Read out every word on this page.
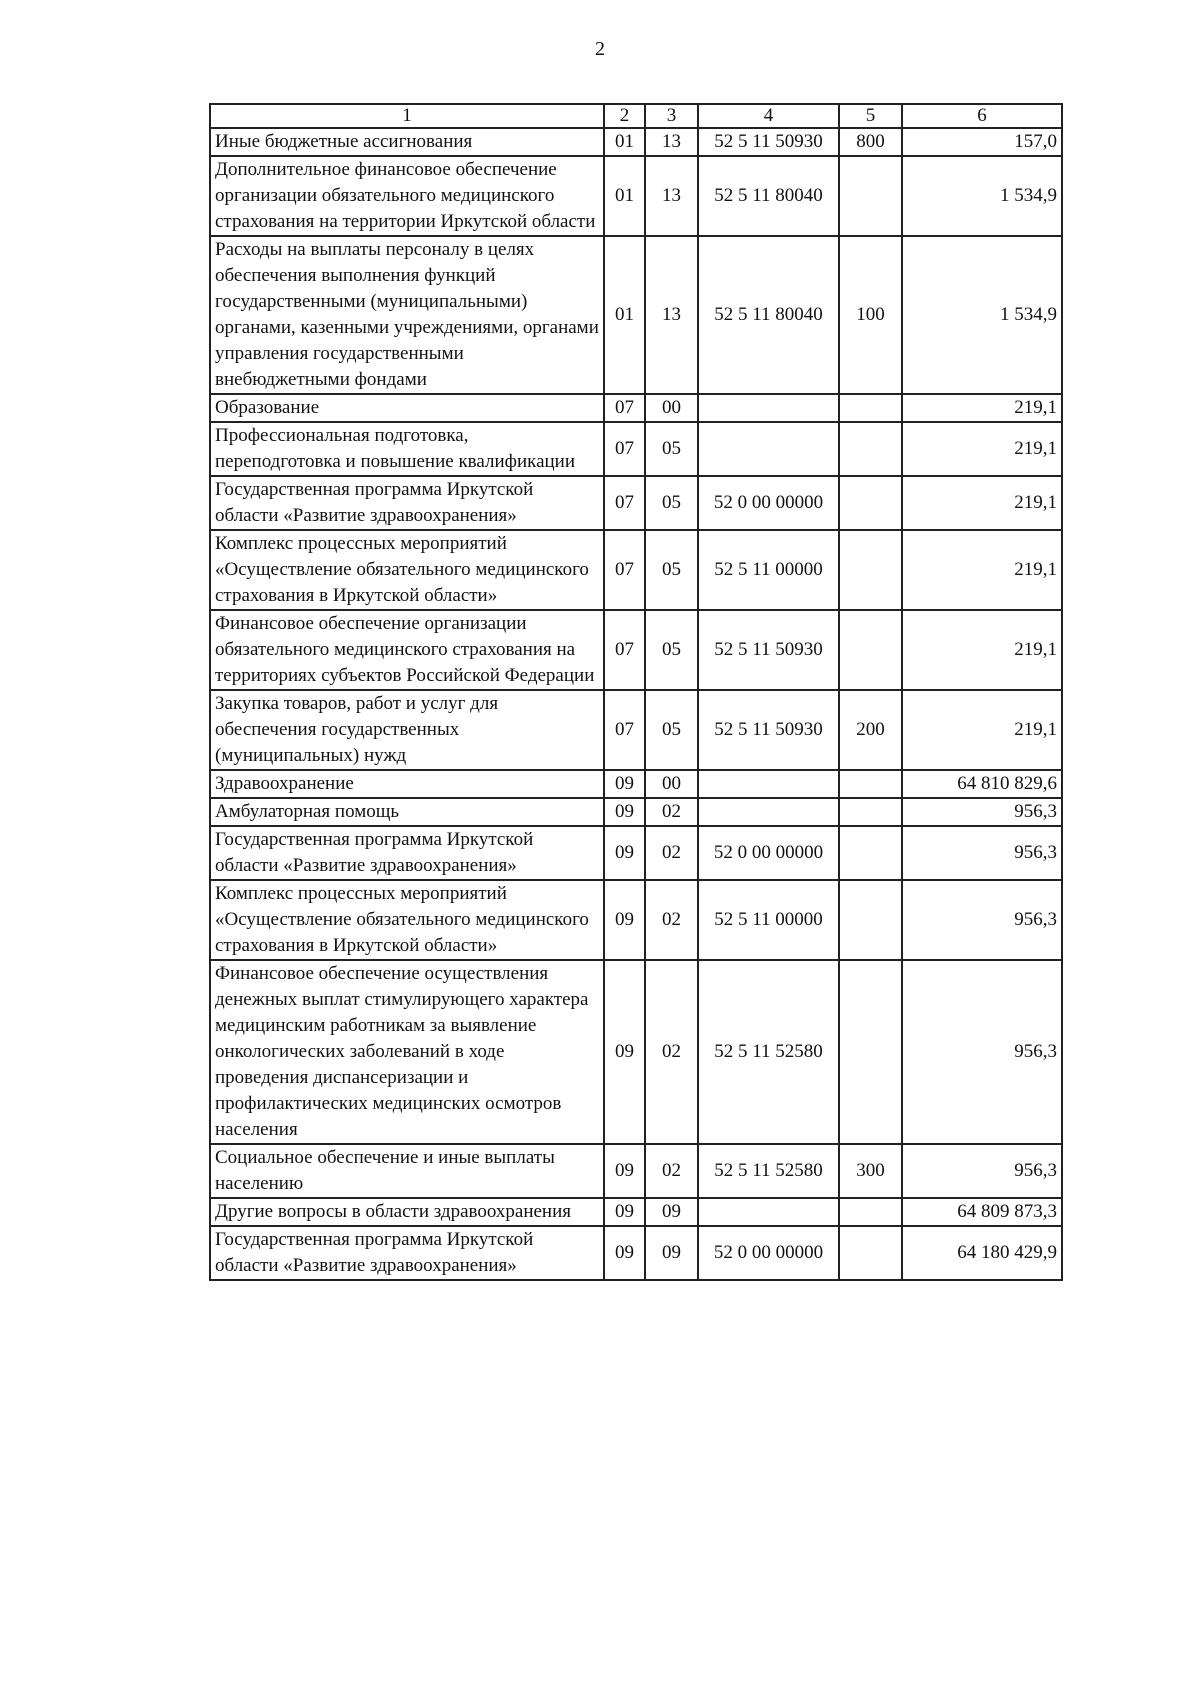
2
1	2	3	4	5	6
Иные бюджетные ассигнования	01	13	52 5 11 50930	800	157,0
Дополнительное финансовое обеспечение организации обязательного медицинского страхования на территории Иркутской области	01	13	52 5 11 80040		1 534,9
Расходы на выплаты персоналу в целях обеспечения выполнения функций государственными (муниципальными) органами, казенными учреждениями, органами управления государственными внебюджетными фондами	01	13	52 5 11 80040	100	1 534,9
Образование	07	00			219,1
Профессиональная подготовка, переподготовка и повышение квалификации	07	05			219,1
Государственная программа Иркутской области «Развитие здравоохранения»	07	05	52 0 00 00000		219,1
Комплекс процессных мероприятий «Осуществление обязательного медицинского страхования в Иркутской области»	07	05	52 5 11 00000		219,1
Финансовое обеспечение организации обязательного медицинского страхования на территориях субъектов Российской Федерации	07	05	52 5 11 50930		219,1
Закупка товаров, работ и услуг для обеспечения государственных (муниципальных) нужд	07	05	52 5 11 50930	200	219,1
Здравоохранение	09	00			64 810 829,6
Амбулаторная помощь	09	02			956,3
Государственная программа Иркутской области «Развитие здравоохранения»	09	02	52 0 00 00000		956,3
Комплекс процессных мероприятий «Осуществление обязательного медицинского страхования в Иркутской области»	09	02	52 5 11 00000		956,3
Финансовое обеспечение осуществления денежных выплат стимулирующего характера медицинским работникам за выявление онкологических заболеваний в ходе проведения диспансеризации и профилактических медицинских осмотров населения	09	02	52 5 11 52580		956,3
Социальное обеспечение и иные выплаты населению	09	02	52 5 11 52580	300	956,3
Другие вопросы в области здравоохранения	09	09			64 809 873,3
Государственная программа Иркутской области «Развитие здравоохранения»	09	09	52 0 00 00000		64 180 429,9
